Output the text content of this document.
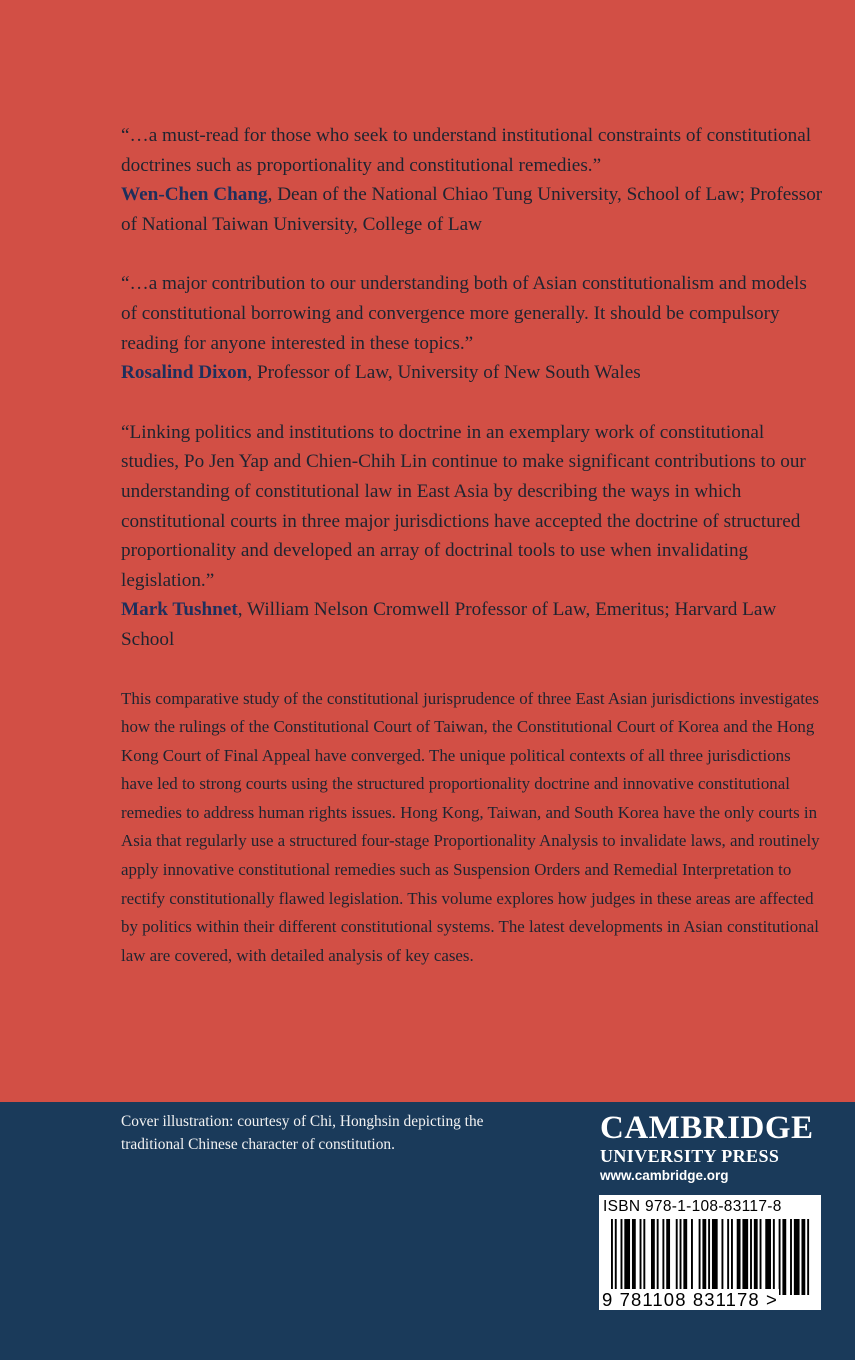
“…a must-read for those who seek to understand institutional constraints of constitutional doctrines such as proportionality and constitutional remedies.”

Wen-Chen Chang, Dean of the National Chiao Tung University, School of Law; Professor of National Taiwan University, College of Law

“…a major contribution to our understanding both of Asian constitutionalism and models of constitutional borrowing and convergence more generally. It should be compulsory reading for anyone interested in these topics.”

Rosalind Dixon, Professor of Law, University of New South Wales

“Linking politics and institutions to doctrine in an exemplary work of constitutional studies, Po Jen Yap and Chien-Chih Lin continue to make significant contributions to our understanding of constitutional law in East Asia by describing the ways in which constitutional courts in three major jurisdictions have accepted the doctrine of structured proportionality and developed an array of doctrinal tools to use when invalidating legislation.”

Mark Tushnet, William Nelson Cromwell Professor of Law, Emeritus; Harvard Law School

This comparative study of the constitutional jurisprudence of three East Asian jurisdictions investigates how the rulings of the Constitutional Court of Taiwan, the Constitutional Court of Korea and the Hong Kong Court of Final Appeal have converged. The unique political contexts of all three jurisdictions have led to strong courts using the structured proportionality doctrine and innovative constitutional remedies to address human rights issues. Hong Kong, Taiwan, and South Korea have the only courts in Asia that regularly use a structured four-stage Proportionality Analysis to invalidate laws, and routinely apply innovative constitutional remedies such as Suspension Orders and Remedial Interpretation to rectify constitutionally flawed legislation. This volume explores how judges in these areas are affected by politics within their different constitutional systems. The latest developments in Asian constitutional law are covered, with detailed analysis of key cases.

Cover illustration: courtesy of Chi, Honghsin depicting the traditional Chinese character of constitution.	CAMBRIDGE
UNIVERSITY PRESS
www.cambridge.org
ISBN 978-1-108-83117-8
9 781108 831178 >
